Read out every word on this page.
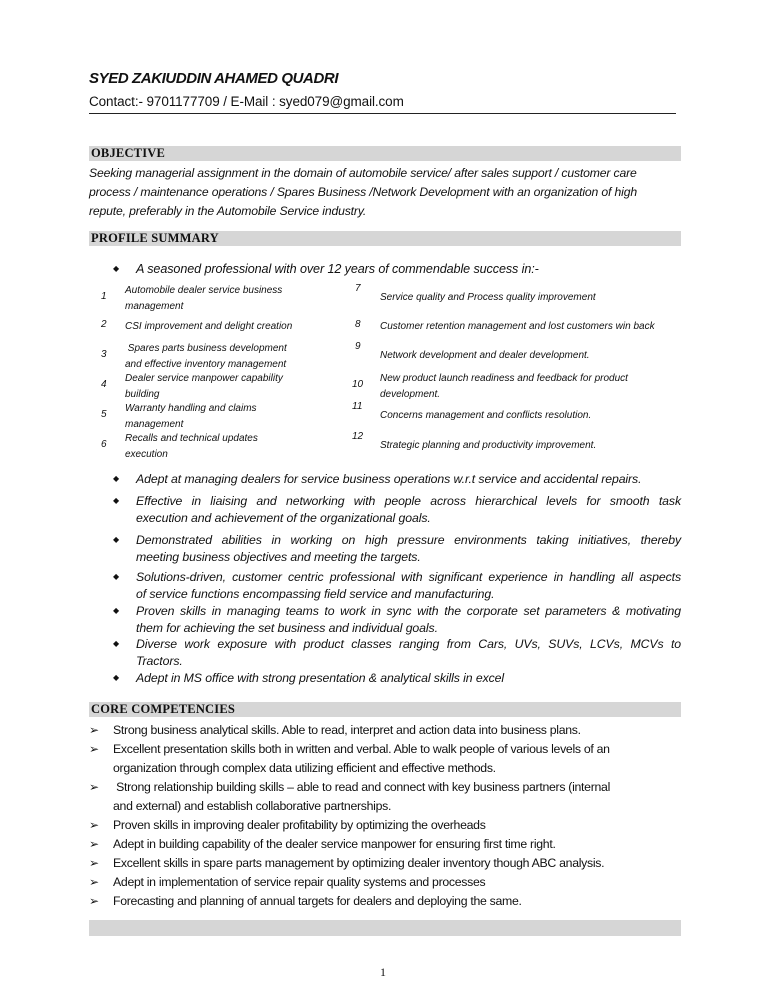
SYED ZAKIUDDIN AHAMED QUADRI
Contact:- 9701177709 / E-Mail : syed079@gmail.com
OBJECTIVE
Seeking managerial assignment in the domain of automobile service/ after sales support / customer care
process / maintenance operations / Spares Business /Network Development with an organization of high
repute, preferably in the Automobile Service industry.
PROFILE SUMMARY
◆ A seasoned professional with over 12 years of commendable success in:-
1
Automobile dealer service business
management
2 CSI improvement and delight creation
3
Spares parts business development
and effective inventory management
4
Dealer service manpower capability
building
5
Warranty handling and claims
management
6
Recalls and technical updates
execution
7
Service quality and Process quality improvement
8 Customer retention management and lost customers win back
9
Network development and dealer development.
10
New product launch readiness and feedback for product
development.
11
Concerns management and conflicts resolution.
12
Strategic planning and productivity improvement.
◆ Adept at managing dealers for service business operations w.r.t service and accidental repairs.
◆ Effective in liaising and networking with people across hierarchical levels for smooth task
execution and achievement of the organizational goals.
◆ Demonstrated abilities in working on high pressure environments taking initiatives, thereby
meeting business objectives and meeting the targets.
◆ Solutions-driven, customer centric professional with significant experience in handling all aspects
of service functions encompassing field service and manufacturing.
◆ Proven skills in managing teams to work in sync with the corporate set parameters & motivating
them for achieving the set business and individual goals.
◆ Diverse work exposure with product classes ranging from Cars, UVs, SUVs, LCVs, MCVs to
Tractors.
◆ Adept in MS office with strong presentation & analytical skills in excel
CORE COMPETENCIES
➢ Strong business analytical skills. Able to read, interpret and action data into business plans.
➢ Excellent presentation skills both in written and verbal. Able to walk people of various levels of an
organization through complex data utilizing efficient and effective methods.
➢ Strong relationship building skills – able to read and connect with key business partners (internal
and external) and establish collaborative partnerships.
➢ Proven skills in improving dealer profitability by optimizing the overheads
➢ Adept in building capability of the dealer service manpower for ensuring first time right.
➢ Excellent skills in spare parts management by optimizing dealer inventory though ABC analysis.
➢ Adept in implementation of service repair quality systems and processes
➢ Forecasting and planning of annual targets for dealers and deploying the same.
1
